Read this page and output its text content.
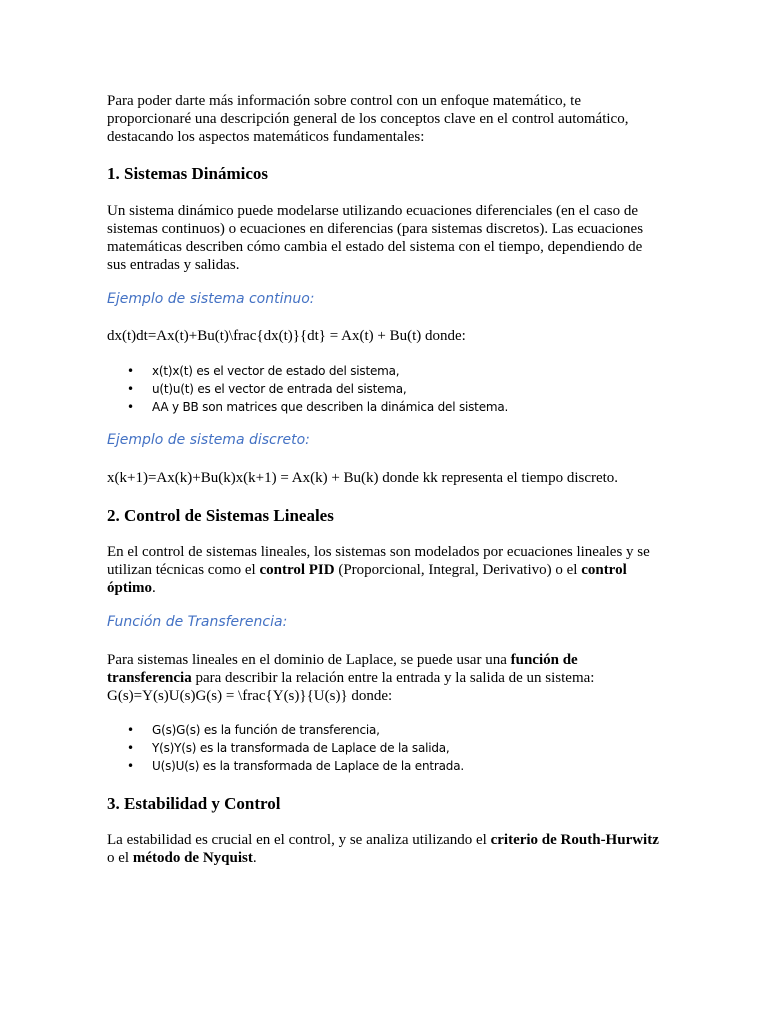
Para poder darte más información sobre control con un enfoque matemático, te
proporcionaré una descripción general de los conceptos clave en el control automático,
destacando los aspectos matemáticos fundamentales:
1. Sistemas Dinámicos
Un sistema dinámico puede modelarse utilizando ecuaciones diferenciales (en el caso de
sistemas continuos) o ecuaciones en diferencias (para sistemas discretos). Las ecuaciones
matemáticas describen cómo cambia el estado del sistema con el tiempo, dependiendo de
sus entradas y salidas.

Ejemplo de sistema continuo:

dx(t)dt=Ax(t)+Bu(t)\frac{dx(t)}{dt} = Ax(t) + Bu(t) donde:
• x(t)x(t) es el vector de estado del sistema,
• u(t)u(t) es el vector de entrada del sistema,
• AA y BB son matrices que describen la dinámica del sistema.

Ejemplo de sistema discreto:

x(k+1)=Ax(k)+Bu(k)x(k+1) = Ax(k) + Bu(k) donde kk representa el tiempo discreto.
2. Control de Sistemas Lineales
En el control de sistemas lineales, los sistemas son modelados por ecuaciones lineales y se
utilizan técnicas como el control PID (Proporcional, Integral, Derivativo) o el control
óptimo.

Función de Transferencia:

Para sistemas lineales en el dominio de Laplace, se puede usar una función de
transferencia para describir la relación entre la entrada y la salida de un sistema:
G(s)=Y(s)U(s)G(s) = \frac{Y(s)}{U(s)} donde:
• G(s)G(s) es la función de transferencia,
• Y(s)Y(s) es la transformada de Laplace de la salida,
• U(s)U(s) es la transformada de Laplace de la entrada.
3. Estabilidad y Control
La estabilidad es crucial en el control, y se analiza utilizando el criterio de Routh-Hurwitz
o el método de Nyquist.
